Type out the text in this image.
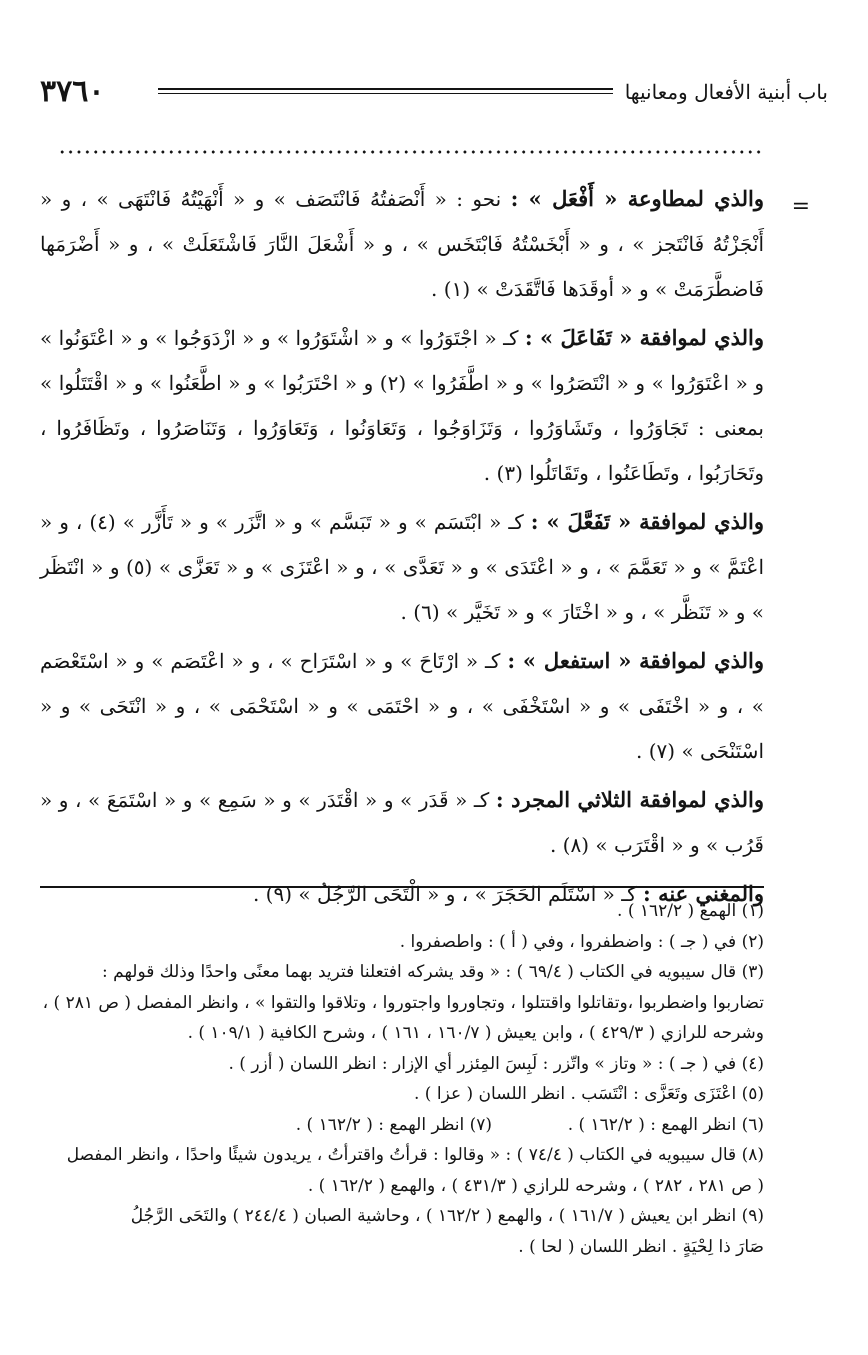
٣٧٦٠	باب أبنية الأفعال ومعانيها
=

والذي لمطاوعة « أَفْعَل » : نحو : « أَنْصَفتُهُ فَانْتَصَف » و « أَنْهَيْتُهُ فَانْتَهَى » ، و « أَنْجَزْتُهُ فَانْتَجز » ، و « أَبْخَسْتُهُ فَابْتَخَس » ، و « أَشْعَلَ النَّارَ فَاشْتَعَلَتْ » ، و « أَضْرَمَها فَاضطَّرَمَتْ » و « أوقَدَها فَاتَّقَدَتْ » (١) .

والذي لموافقة « تَفَاعَلَ » : كـ « اجْتَوَرُوا » و « اشْتَوَرُوا » و « ازْدَوَجُوا » و « اعْتَوَنُوا » و « اعْتَوَرُوا » و « انْتَصَرُوا » و « اطَّفَرُوا » (٢) و « احْتَرَبُوا » و « اطَّعَنُوا » و « اقْتَتَلُوا » بمعنى : تَجَاوَرُوا ، وتَشَاوَرُوا ، وَتَزَاوَجُوا ، وَتَعَاوَنُوا ، وَتَعَاوَرُوا ، وَتَنَاصَرُوا ، وتَظَافَرُوا ، وتَحَارَبُوا ، وتَطَاعَنُوا ، وتَقَاتَلُوا (٣) .

والذي لموافقة « تَفَعَّلَ » : كـ « ابْتَسَم » و « تَبَسَّم » و « اتَّزَر » و « تَأَزَّر » (٤) ، و « اعْتَمَّ » و « تَعَمَّمَ » ، و « اعْتَدَى » و « تَعَدَّى » ، و « اعْتَزَى » و « تَعَزَّى » (٥) و « انْتَظَر » و « تَنَظَّر » ، و « اخْتَارَ » و « تَخَيَّر » (٦) .

والذي لموافقة « استفعل » : كـ « ارْتَاحَ » و « اسْتَرَاح » ، و « اعْتَصَم » و « اسْتَعْصَم » ، و « اخْتَفَى » و « اسْتَخْفَى » ، و « احْتَمَى » و « اسْتَحْمَى » ، و « انْتَحَى » و « اسْتَنْحَى » (٧) .

والذي لموافقة الثلاثي المجرد : كـ « قَدَر » و « اقْتَدَر » و « سَمِع » و « اسْتَمَعَ » ، و « قَرُب » و « اقْتَرَب » (٨) .

والمغني عنه : كـ « اسْتَلَم الحَجَرَ » ، و « الْتَحَى الرَّجُلُ » (٩) .

(١) الهمع ( ١٦٢/٢ ) .

(٢) في ( جـ ) : واضطفروا ، وفي ( أ ) : واطصفروا .

(٣) قال سيبويه في الكتاب ( ٦٩/٤ ) : « وقد يشركه افتعلنا فتريد بهما معنًى واحدًا وذلك قولهم :

تضاربوا واضطربوا ،وتقاتلوا واقتتلوا ، وتجاوروا واجتوروا ، وتلاقوا والتقوا » ، وانظر المفصل ( ص ٢٨١ ) ،

وشرحه للرازي ( ٤٢٩/٣ ) ، وابن يعيش ( ١٦٠/٧ ، ١٦١ ) ، وشرح الكافية ( ١٠٩/١ ) .

(٤) في ( جـ ) : « وتاز » واتّزر : لَبِسَ المِئزر أي الإزار : انظر اللسان ( أزر ) .

(٥) اعْتَزَى وتَعَزَّى : انْتَسَب . انظر اللسان ( عزا ) .

(٦) انظر الهمع : ( ١٦٢/٢ ) .              (٧) انظر الهمع : ( ١٦٢/٢ ) .

(٨) قال سيبويه في الكتاب ( ٧٤/٤ ) : « وقالوا : قرأتُ واقترأتُ ، يريدون شيئًا واحدًا ، وانظر المفصل

( ص ٢٨١ ، ٢٨٢ ) ، وشرحه للرازي ( ٤٣١/٣ ) ، والهمع ( ١٦٢/٢ ) .

(٩) انظر ابن يعيش ( ١٦١/٧ ) ، والهمع ( ١٦٢/٢ ) ، وحاشية الصبان ( ٢٤٤/٤ ) والتَحَى الرَّجُلُ

صَارَ ذا لِحْيَةٍ . انظر اللسان ( لحا ) .
